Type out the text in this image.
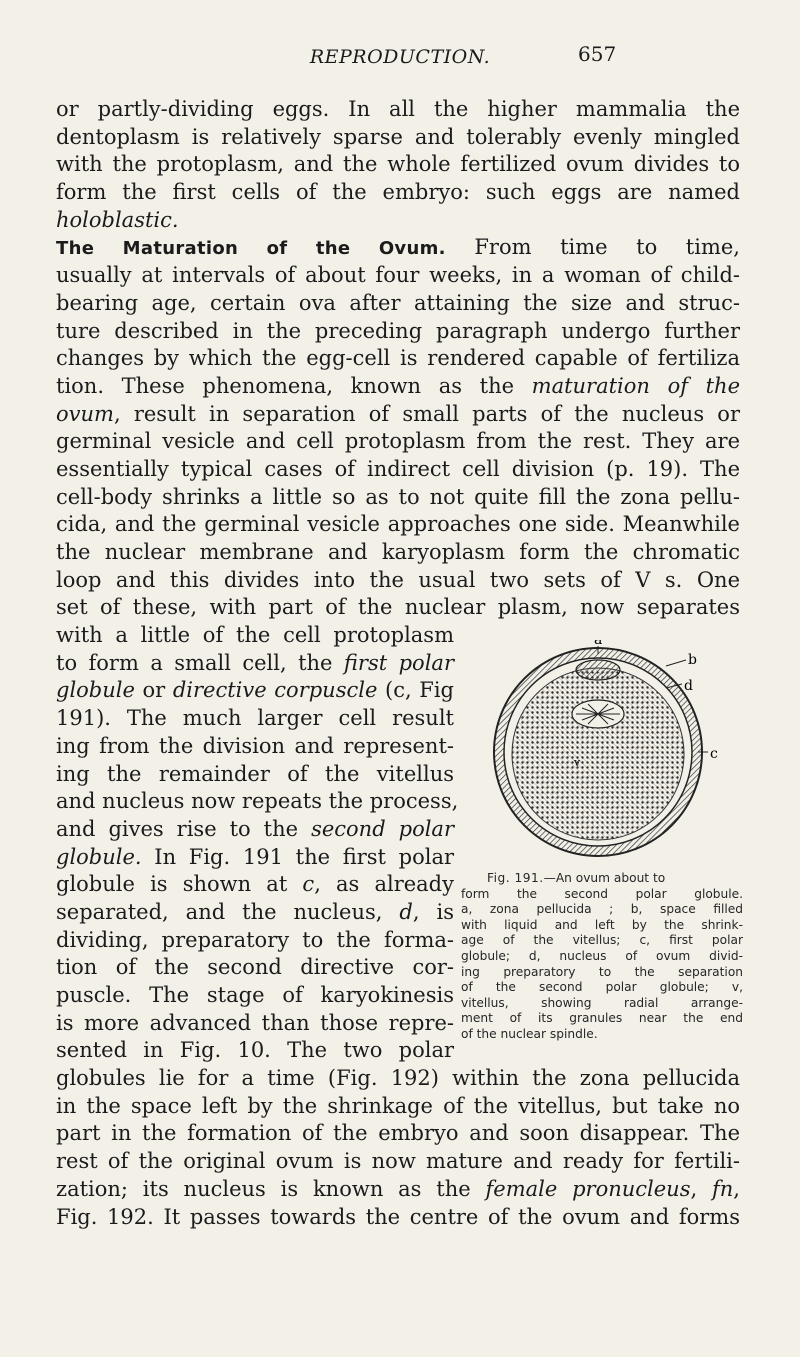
REPRODUCTION.	657
or partly-dividing eggs. In all the higher mammalia the
dentoplasm is relatively sparse and tolerably evenly mingled
with the protoplasm, and the whole fertilized ovum divides to
form the first cells of the embryo: such eggs are named
holoblastic.
The Maturation of the Ovum. From time to time,
usually at intervals of about four weeks, in a woman of child-
bearing age, certain ova after attaining the size and struc-
ture described in the preceding paragraph undergo further
changes by which the egg-cell is rendered capable of fertiliza
tion. These phenomena, known as the maturation of the
ovum, result in separation of small parts of the nucleus or
germinal vesicle and cell protoplasm from the rest. They are
essentially typical cases of indirect cell division (p. 19). The
cell-body shrinks a little so as to not quite fill the zona pellu-
cida, and the germinal vesicle approaches one side. Meanwhile
the nuclear membrane and karyoplasm form the chromatic
loop and this divides into the usual two sets of V s. One
set of these, with part of the nuclear plasm, now separates
with a little of the cell protoplasm
to form a small cell, the first polar
globule or directive corpuscle (c, Fig
191). The much larger cell result
ing from the division and represent-
ing the remainder of the vitellus
and nucleus now repeats the process,
and gives rise to the second polar
globule. In Fig. 191 the first polar
globule is shown at c, as already
separated, and the nucleus, d, is
dividing, preparatory to the forma-
tion of the second directive cor-
puscle. The stage of karyokinesis
is more advanced than those repre-
sented in Fig. 10. The two polar
globules lie for a time (Fig. 192) within the zona pellucida
in the space left by the shrinkage of the vitellus, but take no
part in the formation of the embryo and soon disappear. The
rest of the original ovum is now mature and ready for fertili-
zation; its nucleus is known as the female pronucleus, fn,
Fig. 192. It passes towards the centre of the ovum and forms
a
b
d
c
v
Fig. 191.—An ovum about to
form the second polar globule.
a, zona pellucida ; b, space filled
with liquid and left by the shrink-
age of the vitellus; c, first polar
globule; d, nucleus of ovum divid-
ing preparatory to the separation
of the second polar globule; v,
vitellus, showing radial arrange-
ment of its granules near the end
of the nuclear spindle.
